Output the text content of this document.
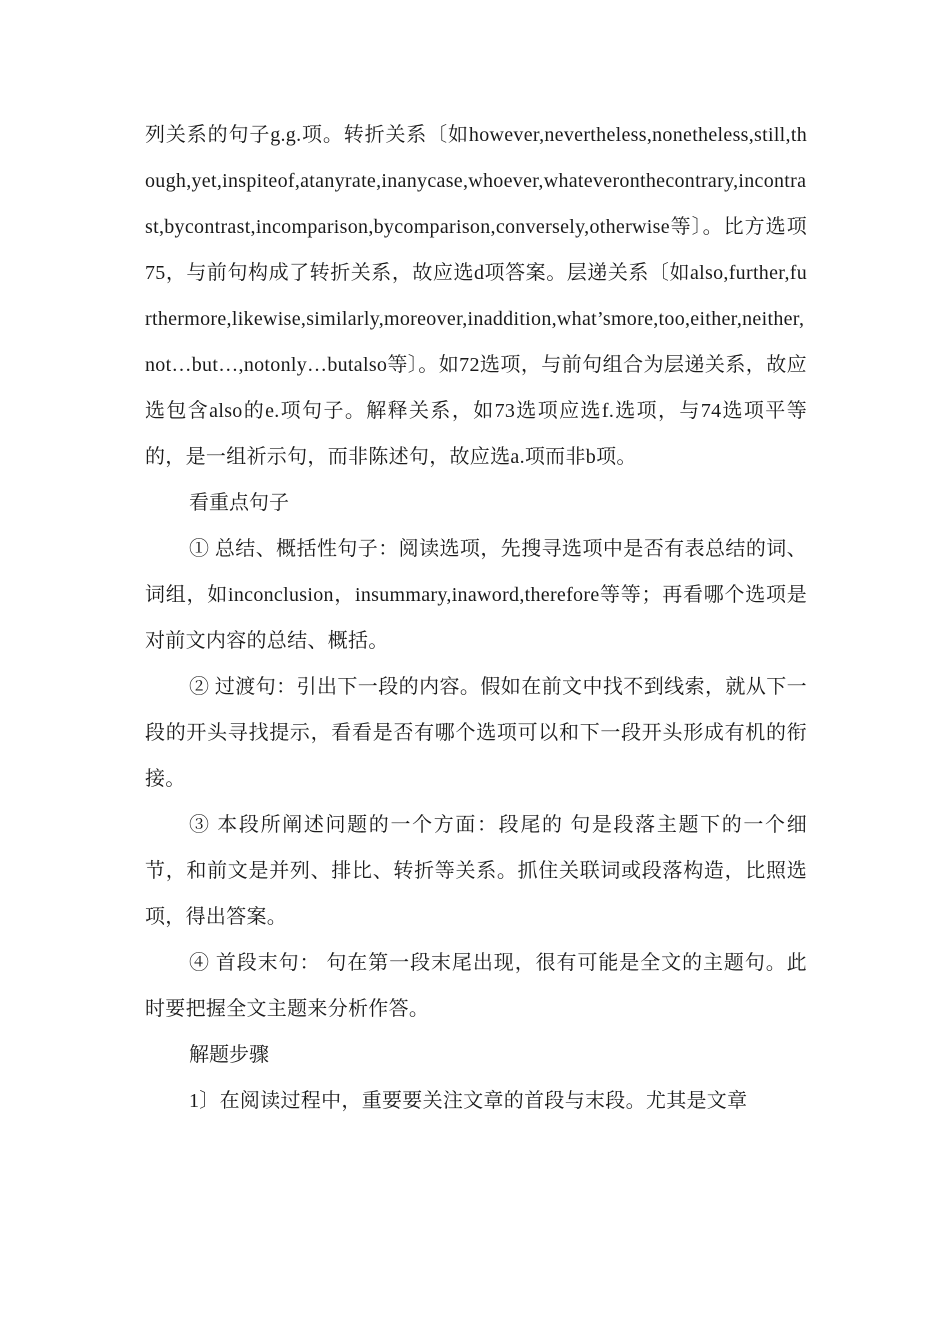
列关系的句子g.g.项。转折关系〔如however,nevertheless,nonetheless,still,though,yet,inspiteof,atanyrate,inanycase,whoever,whateveronthecontrary,incontrast,bycontrast,incomparison,bycomparison,conversely,otherwise等〕。比方选项75，与前句构成了转折关系，故应选d项答案。层递关系〔如also,further,furthermore,likewise,similarly,moreover,inaddition,what’smore,too,either,neither,not…but…,notonly…butalso等〕。如72选项，与前句组合为层递关系，故应选包含also的e.项句子。解释关系，如73选项应选f.选项，与74选项平等的，是一组祈示句，而非陈述句，故应选a.项而非b项。

看重点句子

① 总结、概括性句子：阅读选项，先搜寻选项中是否有表总结的词、词组，如inconclusion，insummary,inaword,therefore等等；再看哪个选项是对前文内容的总结、概括。

② 过渡句：引出下一段的内容。假如在前文中找不到线索，就从下一段的开头寻找提示，看看是否有哪个选项可以和下一段开头形成有机的衔接。

③ 本段所阐述问题的一个方面：段尾的 句是段落主题下的一个细节，和前文是并列、排比、转折等关系。抓住关联词或段落构造，比照选项，得出答案。

④ 首段末句： 句在第一段末尾出现，很有可能是全文的主题句。此时要把握全文主题来分析作答。

解题步骤

1〕在阅读过程中，重要要关注文章的首段与末段。尤其是文章
